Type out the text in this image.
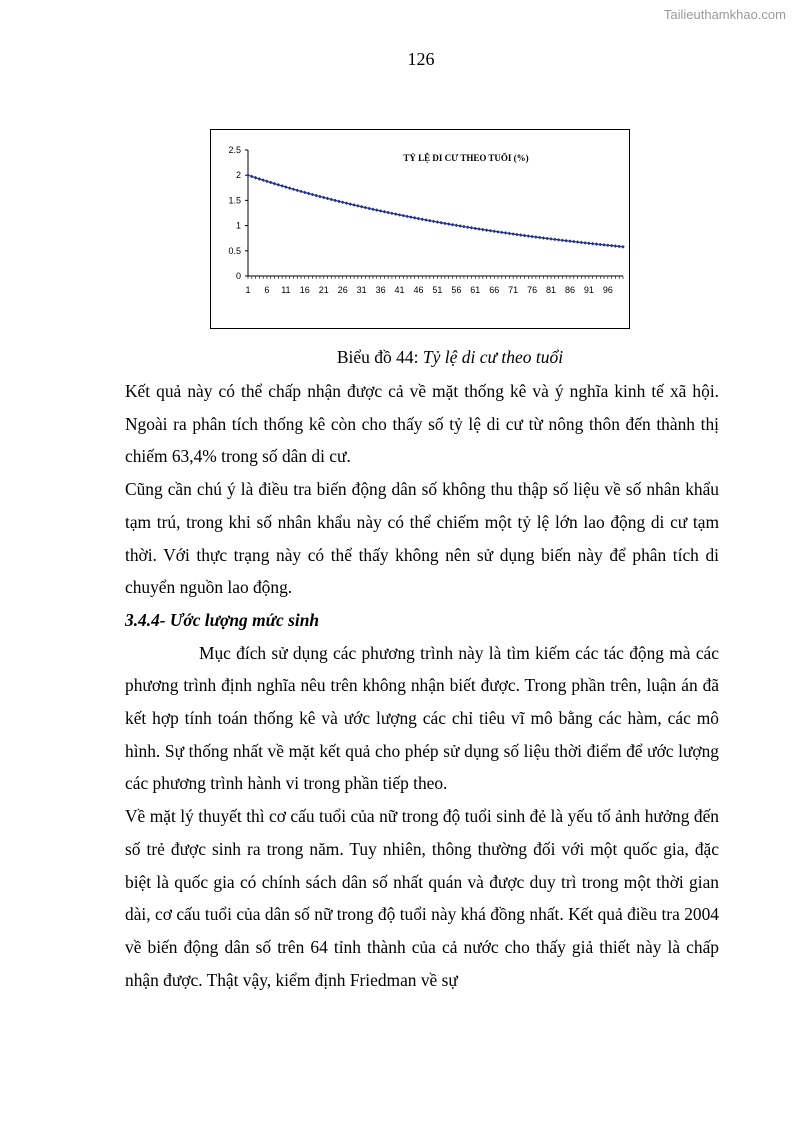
Tailieuthamkhao.com
126
0
0.5
1
1.5
2
2.5
1 6 11 16 21 26 31 36 41 46 51 56 61 66 71 76 81 86 91 96
TỶ LỆ DI CƯ THEO TUỔI (%)
Biểu đồ 44: Tỷ lệ di cư theo tuổi

Kết quả này có thể chấp nhận được cả về mặt thống kê và ý nghĩa kinh tế xã hội. Ngoài ra phân tích thống kê còn cho thấy số tỷ lệ di cư từ nông thôn đến thành thị chiếm 63,4% trong số dân di cư.

Cũng cần chú ý là điều tra biến động dân số không thu thập số liệu về số nhân khẩu tạm trú, trong khi số nhân khẩu này có thể chiếm một tỷ lệ lớn lao động di cư tạm thời. Với thực trạng này có thể thấy không nên sử dụng biến này để phân tích di chuyển nguồn lao động.

3.4.4- Ước lượng mức sinh

Mục đích sử dụng các phương trình này là tìm kiếm các tác động mà các phương trình định nghĩa nêu trên không nhận biết được. Trong phần trên, luận án đã kết hợp tính toán thống kê và ước lượng các chỉ tiêu vĩ mô bằng các hàm, các mô hình. Sự thống nhất về mặt kết quả cho phép sử dụng số liệu thời điểm để ước lượng các phương trình hành vi trong phần tiếp theo.

Về mặt lý thuyết thì cơ cấu tuổi của nữ trong độ tuổi sinh đẻ là yếu tố ảnh hưởng đến số trẻ được sinh ra trong năm. Tuy nhiên, thông thường đối với một quốc gia, đặc biệt là quốc gia có chính sách dân số nhất quán và được duy trì trong một thời gian dài, cơ cấu tuổi của dân số nữ trong độ tuổi này khá đồng nhất. Kết quả điều tra 2004 về biến động dân số trên 64 tỉnh thành của cả nước cho thấy giả thiết này là chấp nhận được. Thật vậy, kiểm định Friedman về sự
